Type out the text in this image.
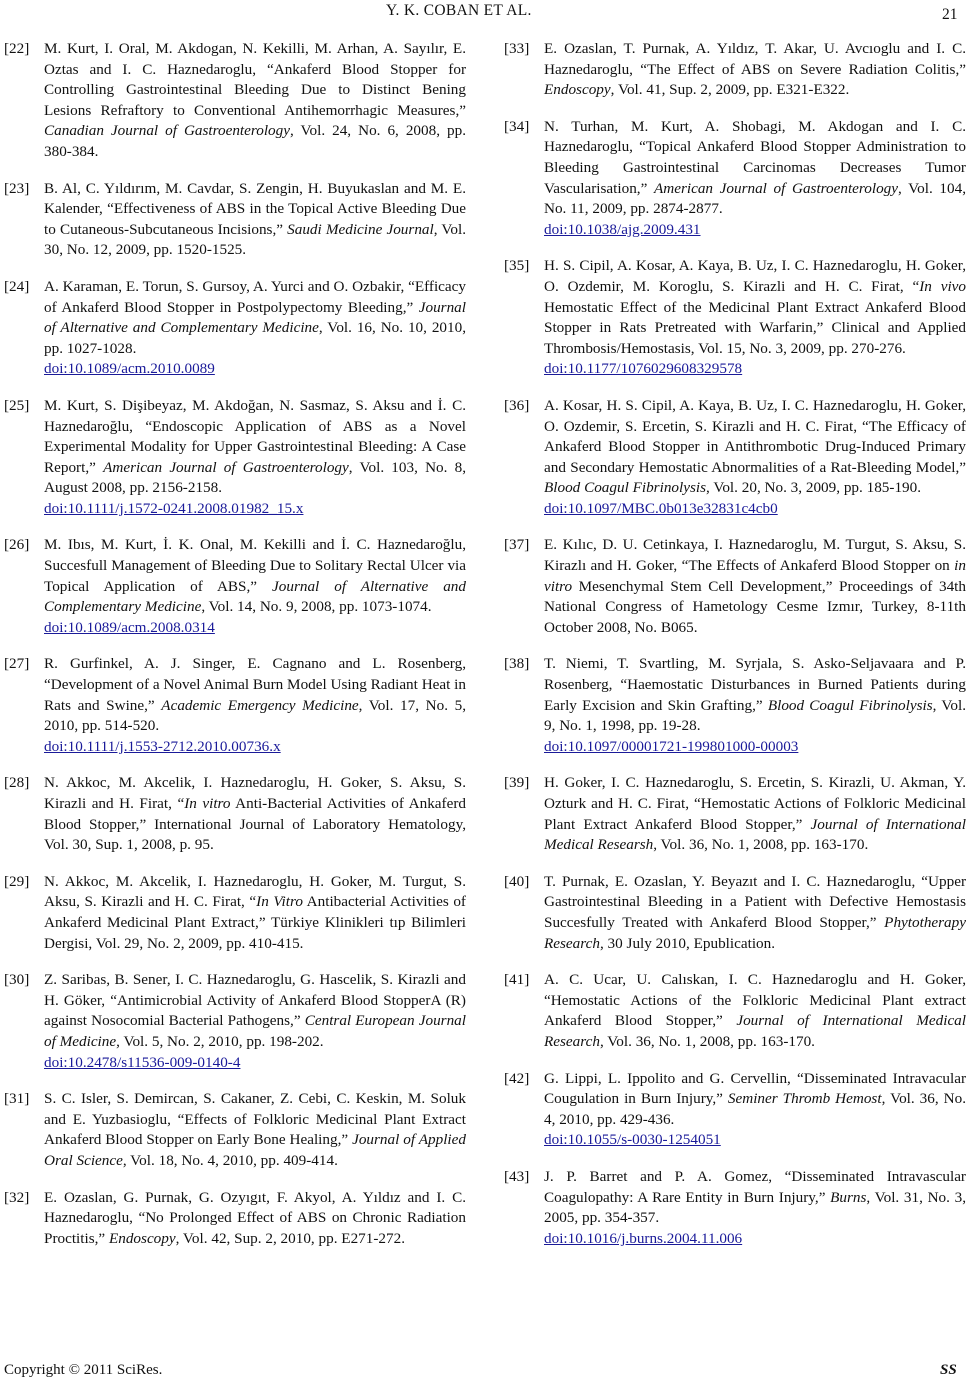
Y. K. COBAN ET AL.	21
[22] M. Kurt, I. Oral, M. Akdogan, N. Kekilli, M. Arhan, A. Sayılır, E. Oztas and I. C. Haznedaroglu, “Ankaferd Blood Stopper for Controlling Gastrointestinal Bleeding Due to Distinct Bening Lesions Refraftory to Conventional Antihemorrhagic Measures,” Canadian Journal of Gastroenterology, Vol. 24, No. 6, 2008, pp. 380-384.
[23] B. Al, C. Yıldırım, M. Cavdar, S. Zengin, H. Buyukaslan and M. E. Kalender, “Effectiveness of ABS in the Topical Active Bleeding Due to Cutaneous-Subcutaneous Incisions,” Saudi Medicine Journal, Vol. 30, No. 12, 2009, pp. 1520-1525.
[24] A. Karaman, E. Torun, S. Gursoy, A. Yurci and O. Ozbakir, “Efficacy of Ankaferd Blood Stopper in Postpolypectomy Bleeding,” Journal of Alternative and Complementary Medicine, Vol. 16, No. 10, 2010, pp. 1027-1028.
doi:10.1089/acm.2010.0089
[25] M. Kurt, S. Dişibeyaz, M. Akdoğan, N. Sasmaz, S. Aksu and İ. C. Haznedaroğlu, “Endoscopic Application of ABS as a Novel Experimental Modality for Upper Gastrointestinal Bleeding: A Case Report,” American Journal of Gastroenterology, Vol. 103, No. 8, August 2008, pp. 2156-2158.
doi:10.1111/j.1572-0241.2008.01982_15.x
[26] M. Ibıs, M. Kurt, İ. K. Onal, M. Kekilli and İ. C. Haznedaroğlu, Succesfull Management of Bleeding Due to Solitary Rectal Ulcer via Topical Application of ABS,” Journal of Alternative and Complementary Medicine, Vol. 14, No. 9, 2008, pp. 1073-1074.
doi:10.1089/acm.2008.0314
[27] R. Gurfinkel, A. J. Singer, E. Cagnano and L. Rosenberg, “Development of a Novel Animal Burn Model Using Radiant Heat in Rats and Swine,” Academic Emergency Medicine, Vol. 17, No. 5, 2010, pp. 514-520.
doi:10.1111/j.1553-2712.2010.00736.x
[28] N. Akkoc, M. Akcelik, I. Haznedaroglu, H. Goker, S. Aksu, S. Kirazli and H. Firat, “In vitro Anti-Bacterial Activities of Ankaferd Blood Stopper,” International Journal of Laboratory Hematology, Vol. 30, Sup. 1, 2008, p. 95.
[29] N. Akkoc, M. Akcelik, I. Haznedaroglu, H. Goker, M. Turgut, S. Aksu, S. Kirazli and H. C. Firat, “In Vitro Antibacterial Activities of Ankaferd Medicinal Plant Extract,” Türkiye Klinikleri tıp Bilimleri Dergisi, Vol. 29, No. 2, 2009, pp. 410-415.
[30] Z. Saribas, B. Sener, I. C. Haznedaroglu, G. Hascelik, S. Kirazli and H. Göker, “Antimicrobial Activity of Ankaferd Blood StopperA (R) against Nosocomial Bacterial Pathogens,” Central European Journal of Medicine, Vol. 5, No. 2, 2010, pp. 198-202.
doi:10.2478/s11536-009-0140-4
[31] S. C. Isler, S. Demircan, S. Cakaner, Z. Cebi, C. Keskin, M. Soluk and E. Yuzbasioglu, “Effects of Folkloric Medicinal Plant Extract Ankaferd Blood Stopper on Early Bone Healing,” Journal of Applied Oral Science, Vol. 18, No. 4, 2010, pp. 409-414.
[32] E. Ozaslan, G. Purnak, G. Ozyıgıt, F. Akyol, A. Yıldız and I. C. Haznedaroglu, “No Prolonged Effect of ABS on Chronic Radiation Proctitis,” Endoscopy, Vol. 42, Sup. 2, 2010, pp. E271-272.
[33] E. Ozaslan, T. Purnak, A. Yıldız, T. Akar, U. Avcıoglu and I. C. Haznedaroglu, “The Effect of ABS on Severe Radiation Colitis,” Endoscopy, Vol. 41, Sup. 2, 2009, pp. E321-E322.
[34] N. Turhan, M. Kurt, A. Shobagi, M. Akdogan and I. C. Haznedaroglu, “Topical Ankaferd Blood Stopper Administration to Bleeding Gastrointestinal Carcinomas Decreases Tumor Vascularisation,” American Journal of Gastroenterology, Vol. 104, No. 11, 2009, pp. 2874-2877.
doi:10.1038/ajg.2009.431
[35] H. S. Cipil, A. Kosar, A. Kaya, B. Uz, I. C. Haznedaroglu, H. Goker, O. Ozdemir, M. Koroglu, S. Kirazli and H. C. Firat, “In vivo Hemostatic Effect of the Medicinal Plant Extract Ankaferd Blood Stopper in Rats Pretreated with Warfarin,” Clinical and Applied Thrombosis/Hemostasis, Vol. 15, No. 3, 2009, pp. 270-276.
doi:10.1177/1076029608329578
[36] A. Kosar, H. S. Cipil, A. Kaya, B. Uz, I. C. Haznedaroglu, H. Goker, O. Ozdemir, S. Ercetin, S. Kirazli and H. C. Firat, “The Efficacy of Ankaferd Blood Stopper in Antithrombotic Drug-Induced Primary and Secondary Hemostatic Abnormalities of a Rat-Bleeding Model,” Blood Coagul Fibrinolysis, Vol. 20, No. 3, 2009, pp. 185-190.
doi:10.1097/MBC.0b013e32831c4cb0
[37] E. Kılıc, D. U. Cetinkaya, I. Haznedaroglu, M. Turgut, S. Aksu, S. Kirazlı and H. Goker, “The Effects of Ankaferd Blood Stopper on in vitro Mesenchymal Stem Cell Development,” Proceedings of 34th National Congress of Hametology Cesme Izmır, Turkey, 8-11th October 2008, No. B065.
[38] T. Niemi, T. Svartling, M. Syrjala, S. Asko-Seljavaara and P. Rosenberg, “Haemostatic Disturbances in Burned Patients during Early Excision and Skin Grafting,” Blood Coagul Fibrinolysis, Vol. 9, No. 1, 1998, pp. 19-28.
doi:10.1097/00001721-199801000-00003
[39] H. Goker, I. C. Haznedaroglu, S. Ercetin, S. Kirazli, U. Akman, Y. Ozturk and H. C. Firat, “Hemostatic Actions of Folkloric Medicinal Plant Extract Ankaferd Blood Stopper,” Journal of International Medical Researsh, Vol. 36, No. 1, 2008, pp. 163-170.
[40] T. Purnak, E. Ozaslan, Y. Beyazıt and I. C. Haznedaroglu, “Upper Gastrointestinal Bleeding in a Patient with Defective Hemostasis Succesfully Treated with Ankaferd Blood Stopper,” Phytotherapy Research, 30 July 2010, Epublication.
[41] A. C. Ucar, U. Calıskan, I. C. Haznedaroglu and H. Goker, “Hemostatic Actions of the Folkloric Medicinal Plant extract Ankaferd Blood Stopper,” Journal of International Medical Research, Vol. 36, No. 1, 2008, pp. 163-170.
[42] G. Lippi, L. Ippolito and G. Cervellin, “Disseminated Intravacular Cougulation in Burn Injury,” Seminer Thromb Hemost, Vol. 36, No. 4, 2010, pp. 429-436.
doi:10.1055/s-0030-1254051
[43] J. P. Barret and P. A. Gomez, “Disseminated Intravascular Coagulopathy: A Rare Entity in Burn Injury,” Burns, Vol. 31, No. 3, 2005, pp. 354-357.
doi:10.1016/j.burns.2004.11.006
Copyright © 2011 SciRes.	SS
